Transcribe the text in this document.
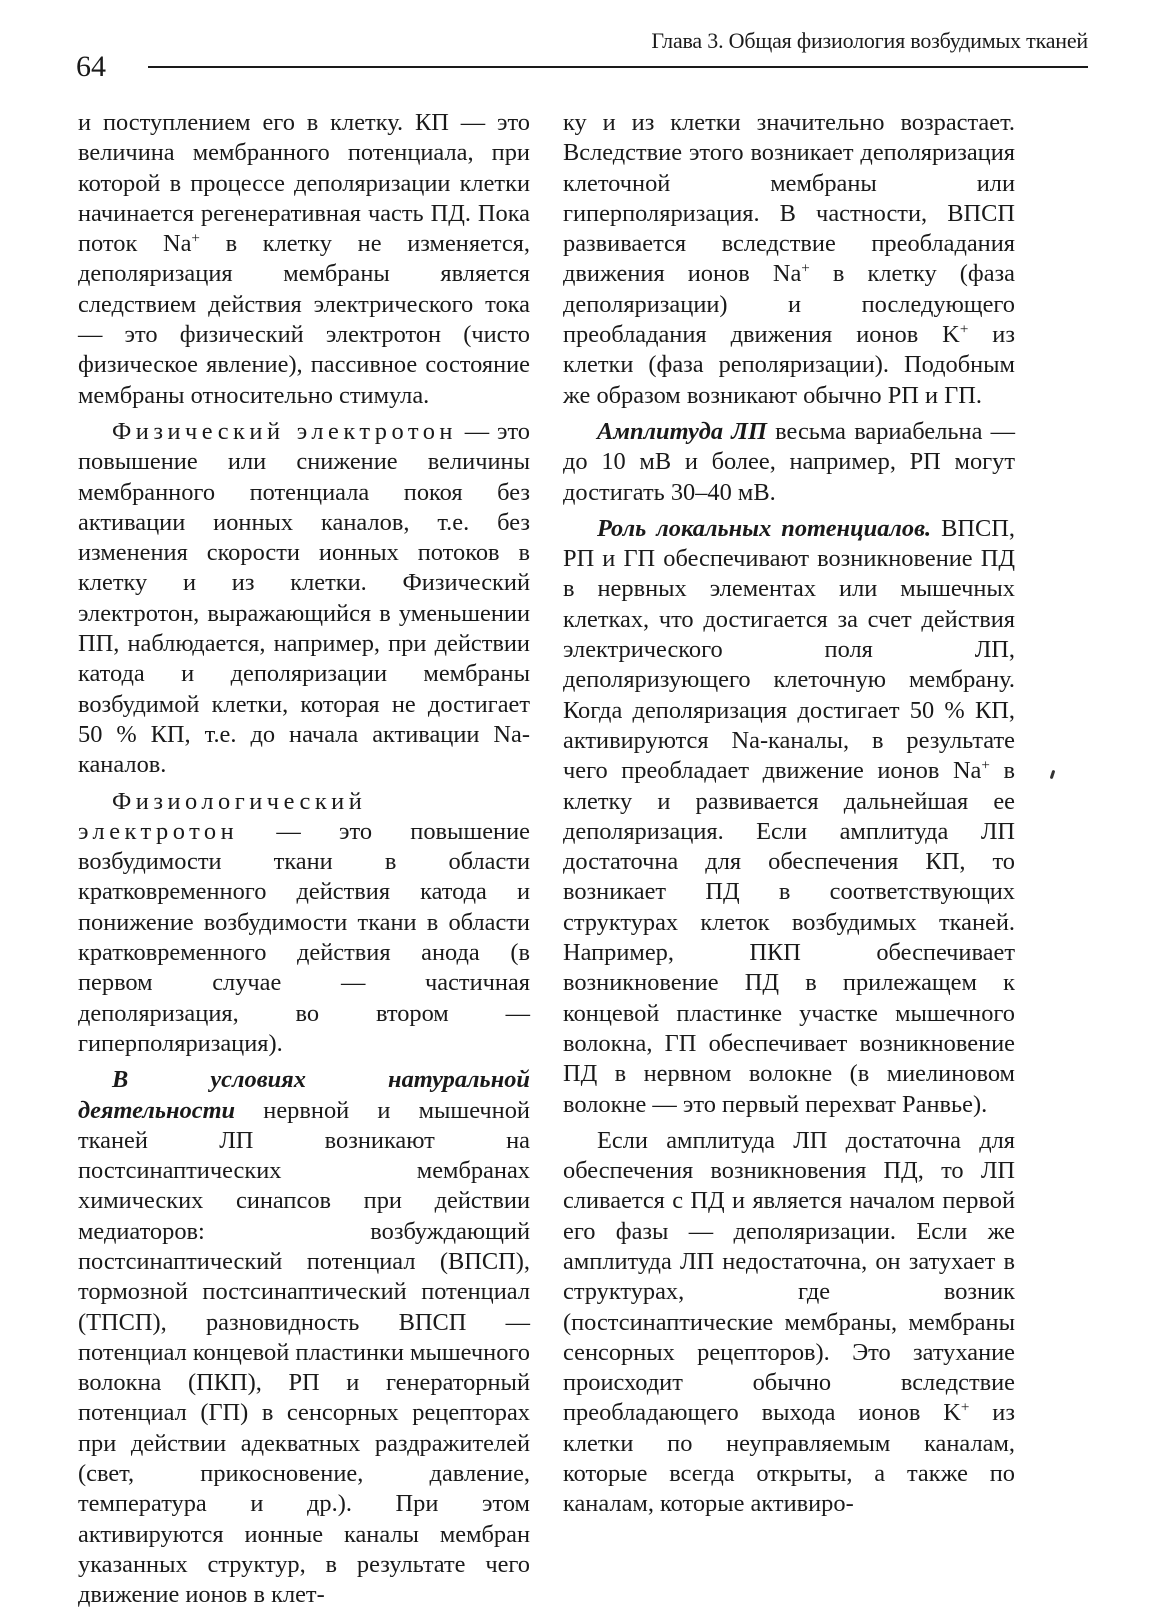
64
Глава 3. Общая физиология возбудимых тканей

и поступлением его в клетку. КП — это величина мембранного потенциала, при которой в процессе деполяризации клетки начинается регенеративная часть ПД. Пока поток Na+ в клетку не изменяется, деполяризация мембраны является следствием действия электрического тока — это физический электротон (чисто физическое явление), пассивное состояние мембраны относительно стимула.

Физический электротон — это повышение или снижение величины мембранного потенциала покоя без активации ионных каналов, т.е. без изменения скорости ионных потоков в клетку и из клетки. Физический электротон, выражающийся в уменьшении ПП, наблюдается, например, при действии катода и деполяризации мембраны возбудимой клетки, которая не достигает 50 % КП, т.е. до начала активации Na-каналов.

Физиологический электротон — это повышение возбудимости ткани в области кратковременного действия катода и понижение возбудимости ткани в области кратковременного действия анода (в первом случае — частичная деполяризация, во втором — гиперполяризация).

В условиях натуральной деятельности нервной и мышечной тканей ЛП возникают на постсинаптических мембранах химических синапсов при действии медиаторов: возбуждающий постсинаптический потенциал (ВПСП), тормозной постсинаптический потенциал (ТПСП), разновидность ВПСП — потенциал концевой пластинки мышечного волокна (ПКП), РП и генераторный потенциал (ГП) в сенсорных рецепторах при действии адекватных раздражителей (свет, прикосновение, давление, температура и др.). При этом активируются ионные каналы мембран указанных структур, в результате чего движение ионов в клет-

ку и из клетки значительно возрастает. Вследствие этого возникает деполяризация клеточной мембраны или гиперполяризация. В частности, ВПСП развивается вследствие преобладания движения ионов Na+ в клетку (фаза деполяризации) и последующего преобладания движения ионов K+ из клетки (фаза реполяризации). Подобным же образом возникают обычно РП и ГП.

Амплитуда ЛП весьма вариабельна — до 10 мВ и более, например, РП могут достигать 30–40 мВ.

Роль локальных потенциалов. ВПСП, РП и ГП обеспечивают возникновение ПД в нервных элементах или мышечных клетках, что достигается за счет действия электрического поля ЛП, деполяризующего клеточную мембрану. Когда деполяризация достигает 50 % КП, активируются Na-каналы, в результате чего преобладает движение ионов Na+ в клетку и развивается дальнейшая ее деполяризация. Если амплитуда ЛП достаточна для обеспечения КП, то возникает ПД в соответствующих структурах клеток возбудимых тканей. Например, ПКП обеспечивает возникновение ПД в прилежащем к концевой пластинке участке мышечного волокна, ГП обеспечивает возникновение ПД в нервном волокне (в миелиновом волокне — это первый перехват Ранвье).

Если амплитуда ЛП достаточна для обеспечения возникновения ПД, то ЛП сливается с ПД и является началом первой его фазы — деполяризации. Если же амплитуда ЛП недостаточна, он затухает в структурах, где возник (постсинаптические мембраны, мембраны сенсорных рецепторов). Это затухание происходит обычно вследствие преобладающего выхода ионов K+ из клетки по неуправляемым каналам, которые всегда открыты, а также по каналам, которые активиро-
